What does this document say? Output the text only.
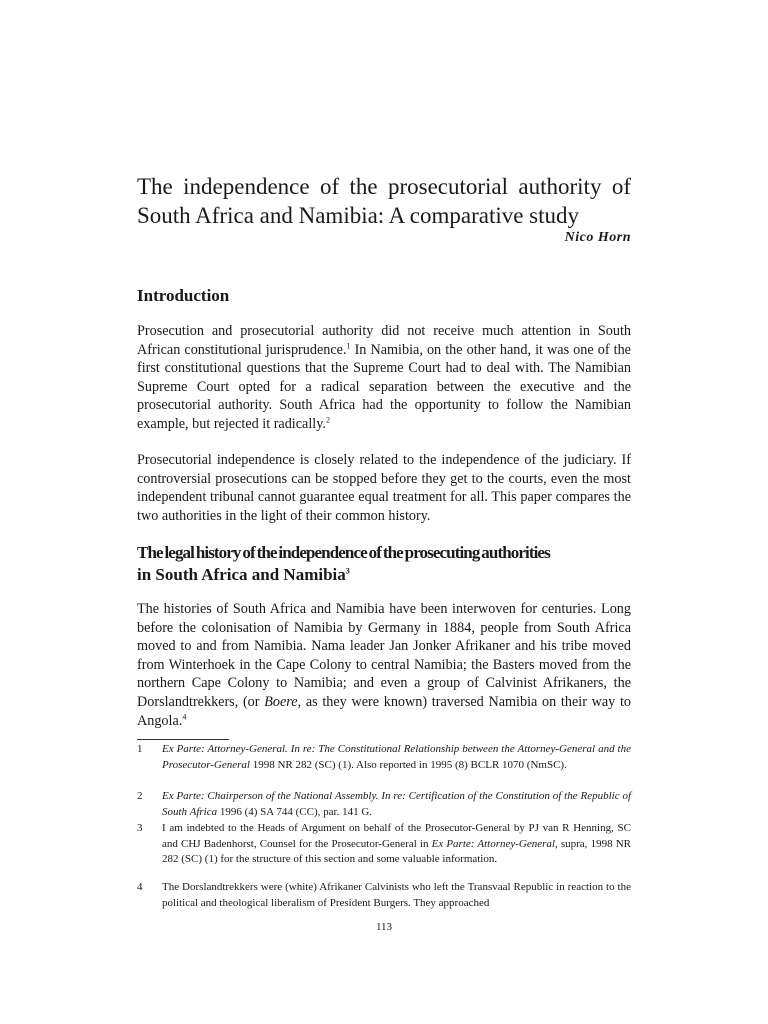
The independence of the prosecutorial authority of South Africa and Namibia: A comparative study
Nico Horn
Introduction

Prosecution and prosecutorial authority did not receive much attention in South African constitutional jurisprudence.$^1$ In Namibia, on the other hand, it was one of the first constitutional questions that the Supreme Court had to deal with. The Namibian Supreme Court opted for a radical separation between the executive and the prosecutorial authority. South Africa had the opportunity to follow the Namibian example, but rejected it radically.$^2$

Prosecutorial independence is closely related to the independence of the judiciary. If controversial prosecutions can be stopped before they get to the courts, even the most independent tribunal cannot guarantee equal treatment for all. This paper compares the two authorities in the light of their common history.

The legal history of the independence of the prosecuting authorities
in South Africa and Namibia$^3$

The histories of South Africa and Namibia have been interwoven for centuries. Long before the colonisation of Namibia by Germany in 1884, people from South Africa moved to and from Namibia. Nama leader Jan Jonker Afrikaner and his tribe moved from Winterhoek in the Cape Colony to central Namibia; the Basters moved from the northern Cape Colony to Namibia; and even a group of Calvinist Afrikaners, the Dorslandtrekkers, (or Boere, as they were known) traversed Namibia on their way to Angola.$^4$

1	Ex Parte: Attorney-General. In re: The Constitutional Relationship between the Attorney-General and the Prosecutor-General 1998 NR 282 (SC) (1). Also reported in 1995 (8) BCLR 1070 (NmSC).
2	Ex Parte: Chairperson of the National Assembly. In re: Certification of the Constitution of the Republic of South Africa 1996 (4) SA 744 (CC), par. 141 G.
3	I am indebted to the Heads of Argument on behalf of the Prosecutor-General by PJ van R Henning, SC and CHJ Badenhorst, Counsel for the Prosecutor-General in Ex Parte: Attorney-General, supra, 1998 NR 282 (SC) (1) for the structure of this section and some valuable information.
4	The Dorslandtrekkers were (white) Afrikaner Calvinists who left the Transvaal Republic in reaction to the political and theological liberalism of President Burgers. They approached
113
